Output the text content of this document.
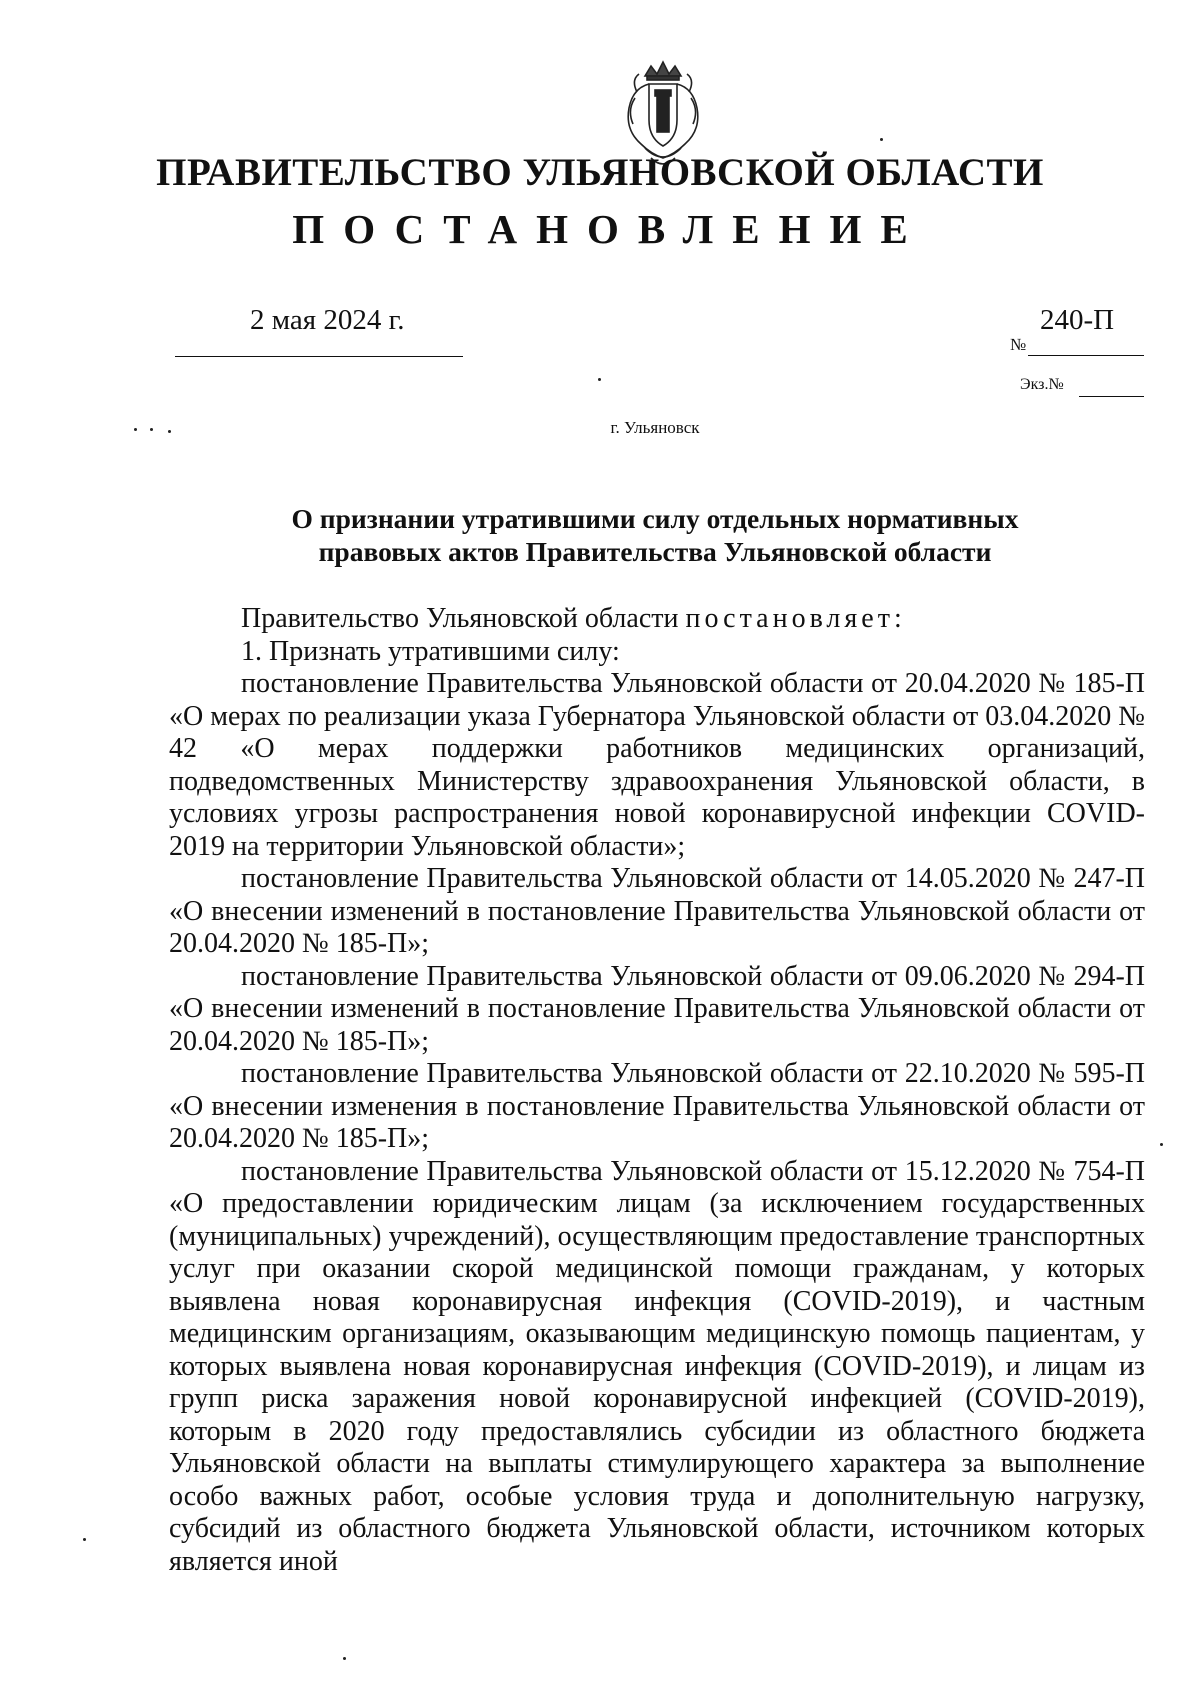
ПРАВИТЕЛЬСТВО УЛЬЯНОВСКОЙ ОБЛАСТИ
ПОСТАНОВЛЕНИЕ
2 мая 2024 г.	240-П
№
Экз.№
г. Ульяновск
О признании утратившими силу отдельных нормативных
правовых актов Правительства Ульяновской области

Правительство Ульяновской области постановляет:

1. Признать утратившими силу:

постановление Правительства Ульяновской области от 20.04.2020 № 185-П «О мерах по реализации указа Губернатора Ульяновской области от 03.04.2020 № 42 «О мерах поддержки работников медицинских организаций, подведомственных Министерству здравоохранения Ульяновской области, в условиях угрозы распространения новой коронавирусной инфекции COVID-2019 на территории Ульяновской области»;

постановление Правительства Ульяновской области от 14.05.2020 № 247-П «О внесении изменений в постановление Правительства Ульяновской области от 20.04.2020 № 185-П»;

постановление Правительства Ульяновской области от 09.06.2020 № 294-П «О внесении изменений в постановление Правительства Ульяновской области от 20.04.2020 № 185-П»;

постановление Правительства Ульяновской области от 22.10.2020 № 595-П «О внесении изменения в постановление Правительства Ульяновской области от 20.04.2020 № 185-П»;

постановление Правительства Ульяновской области от 15.12.2020 № 754-П «О предоставлении юридическим лицам (за исключением государственных (муниципальных) учреждений), осуществляющим предоставление транспортных услуг при оказании скорой медицинской помощи гражданам, у которых выявлена новая коронавирусная инфекция (COVID-2019), и частным медицинским организациям, оказывающим медицинскую помощь пациентам, у которых выявлена новая коронавирусная инфекция (COVID-2019), и лицам из групп риска заражения новой коронавирусной инфекцией (COVID-2019), которым в 2020 году предоставлялись субсидии из областного бюджета Ульяновской области на выплаты стимулирующего характера за выполнение особо важных работ, особые условия труда и дополнительную нагрузку, субсидий из областного бюджета Ульяновской области, источником которых является иной
